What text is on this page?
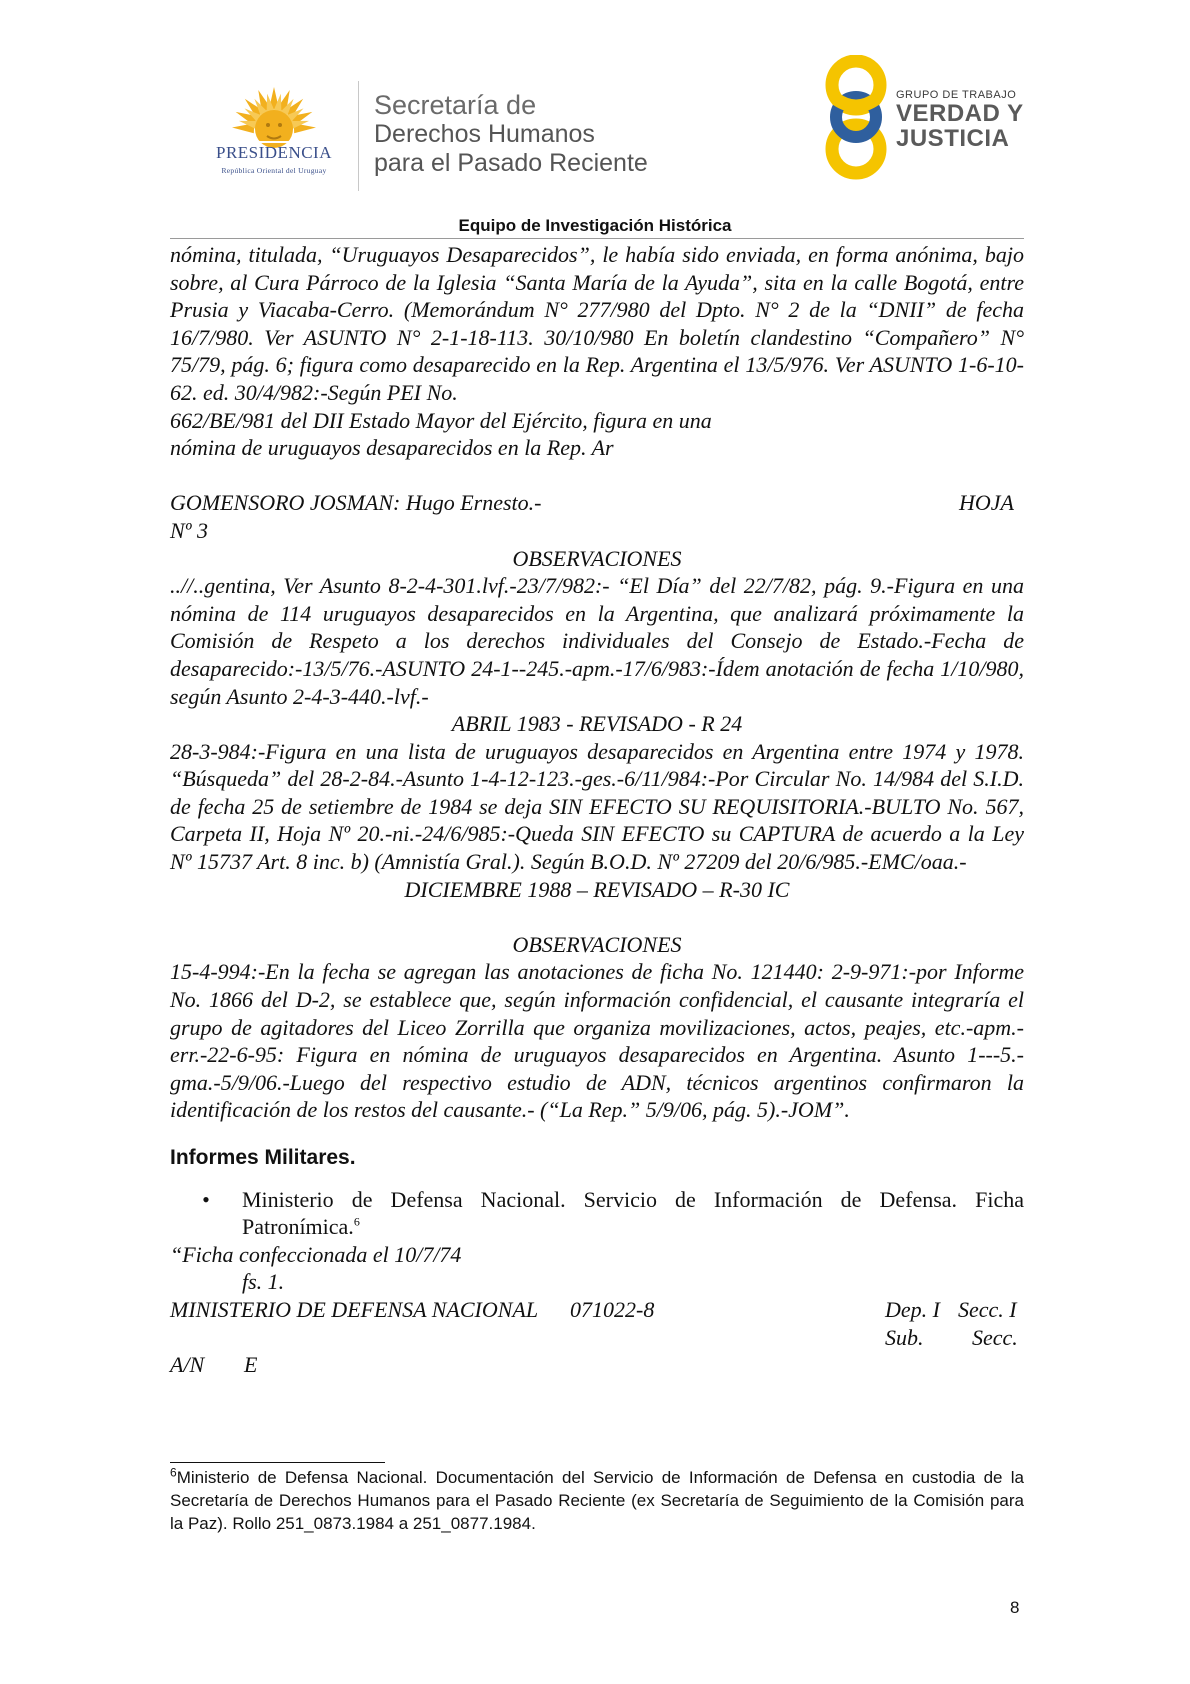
PRESIDENCIA
República Oriental del Uruguay
Secretaría de
Derechos Humanos
para el Pasado Reciente
GRUPO DE TRABAJO
VERDAD Y
JUSTICIA
Equipo de Investigación Histórica

nómina, titulada, “Uruguayos Desaparecidos”, le había sido enviada, en forma anónima, bajo sobre, al Cura Párroco de la Iglesia “Santa María de la Ayuda”, sita en la calle Bogotá, entre Prusia y Viacaba-Cerro. (Memorándum N° 277/980 del Dpto. N° 2 de la “DNII” de fecha 16/7/980. Ver ASUNTO N° 2-1-18-113. 30/10/980 En boletín clandestino “Compañero” N° 75/79, pág. 6; figura como desaparecido en la Rep. Argentina el 13/5/976. Ver ASUNTO 1-6-10-62. ed. 30/4/982:-Según PEI No.

662/BE/981 del DII Estado Mayor del Ejército, figura en una

nómina de uruguayos desaparecidos en la Rep. Ar

GOMENSORO JOSMAN: Hugo Ernesto.-	HOJA

Nº 3

OBSERVACIONES

..//..gentina, Ver Asunto 8-2-4-301.lvf.-23/7/982:- “El Día” del 22/7/82, pág. 9.-Figura en una nómina de 114 uruguayos desaparecidos en la Argentina, que analizará próximamente la Comisión de Respeto a los derechos individuales del Consejo de Estado.-Fecha de desaparecido:-13/5/76.-ASUNTO 24-1--245.-apm.-17/6/983:-Ídem anotación de fecha 1/10/980, según Asunto 2-4-3-440.-lvf.-

ABRIL 1983 - REVISADO - R 24

28-3-984:-Figura en una lista de uruguayos desaparecidos en Argentina entre 1974 y 1978. “Búsqueda” del 28-2-84.-Asunto 1-4-12-123.-ges.-6/11/984:-Por Circular No. 14/984 del S.I.D. de fecha 25 de setiembre de 1984 se deja SIN EFECTO SU REQUISITORIA.-BULTO No. 567, Carpeta II, Hoja Nº 20.-ni.-24/6/985:-Queda SIN EFECTO su CAPTURA de acuerdo a la Ley Nº 15737 Art. 8 inc. b) (Amnistía Gral.). Según B.O.D. Nº 27209 del 20/6/985.-EMC/oaa.-

DICIEMBRE 1988 – REVISADO – R-30 IC

OBSERVACIONES

15-4-994:-En la fecha se agregan las anotaciones de ficha No. 121440: 2-9-971:-por Informe No. 1866 del D-2, se establece que, según información confidencial, el causante integraría el grupo de agitadores del Liceo Zorrilla que organiza movilizaciones, actos, peajes, etc.-apm.-err.-22-6-95: Figura en nómina de uruguayos desaparecidos en Argentina. Asunto 1---5.-gma.-5/9/06.-Luego del respectivo estudio de ADN, técnicos argentinos confirmaron la identificación de los restos del causante.- (“La Rep.” 5/9/06, pág. 5).-JOM”.

Informes Militares.
•	Ministerio de Defensa Nacional. Servicio de Información de Defensa. Ficha Patronímica.$^6$

“Ficha confeccionada el 10/7/74

fs. 1.

MINISTERIO DE DEFENSA NACIONAL 071022-8	Dep. I Secc. I
Sub. Secc.
A/N E
$^6$Ministerio de Defensa Nacional. Documentación del Servicio de Información de Defensa en custodia de la Secretaría de Derechos Humanos para el Pasado Reciente (ex Secretaría de Seguimiento de la Comisión para la Paz). Rollo 251_0873.1984 a 251_0877.1984.
8
